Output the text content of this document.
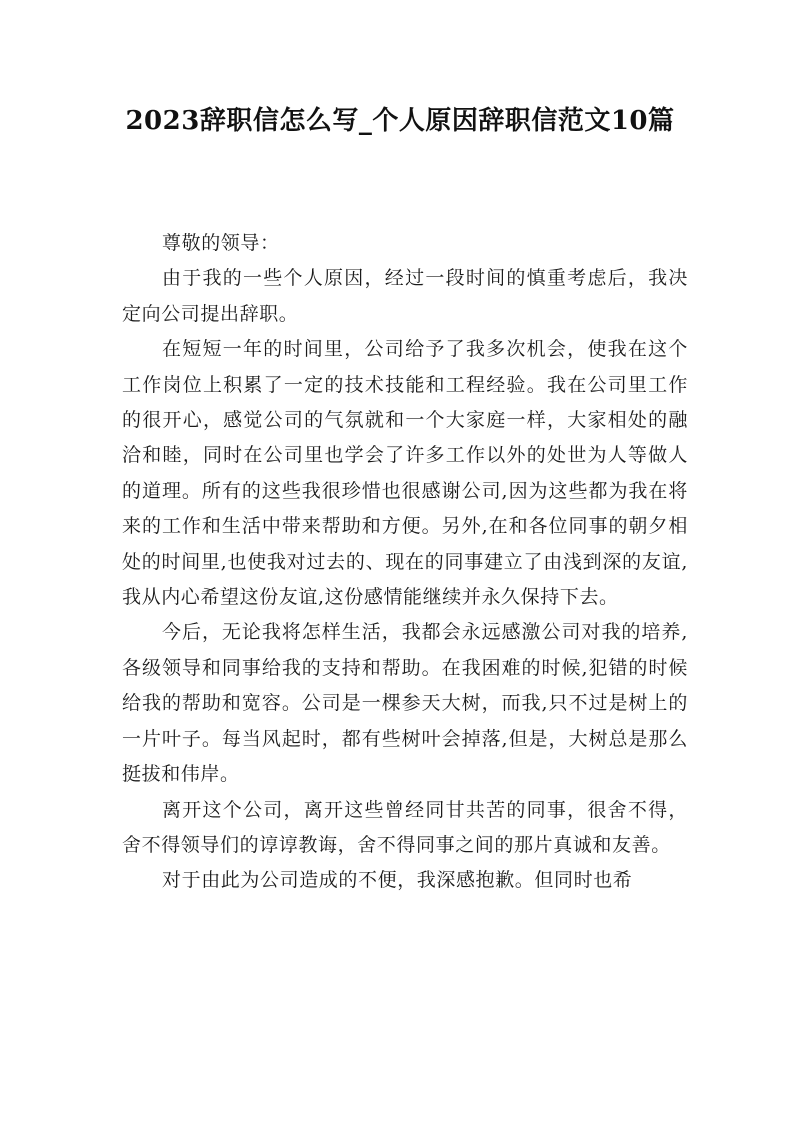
2023辞职信怎么写_个人原因辞职信范文10篇

尊敬的领导：

由于我的一些个人原因，经过一段时间的慎重考虑后，我决定向公司提出辞职。

在短短一年的时间里，公司给予了我多次机会，使我在这个工作岗位上积累了一定的技术技能和工程经验。我在公司里工作的很开心，感觉公司的气氛就和一个大家庭一样，大家相处的融洽和睦，同时在公司里也学会了许多工作以外的处世为人等做人的道理。所有的这些我很珍惜也很感谢公司,因为这些都为我在将来的工作和生活中带来帮助和方便。另外,在和各位同事的朝夕相处的时间里,也使我对过去的、现在的同事建立了由浅到深的友谊,我从内心希望这份友谊,这份感情能继续并永久保持下去。

今后，无论我将怎样生活，我都会永远感激公司对我的培养,各级领导和同事给我的支持和帮助。在我困难的时候,犯错的时候给我的帮助和宽容。公司是一棵参天大树，而我,只不过是树上的一片叶子。每当风起时，都有些树叶会掉落,但是，大树总是那么挺拔和伟岸。

离开这个公司，离开这些曾经同甘共苦的同事，很舍不得，舍不得领导们的谆谆教诲，舍不得同事之间的那片真诚和友善。

对于由此为公司造成的不便，我深感抱歉。但同时也希
